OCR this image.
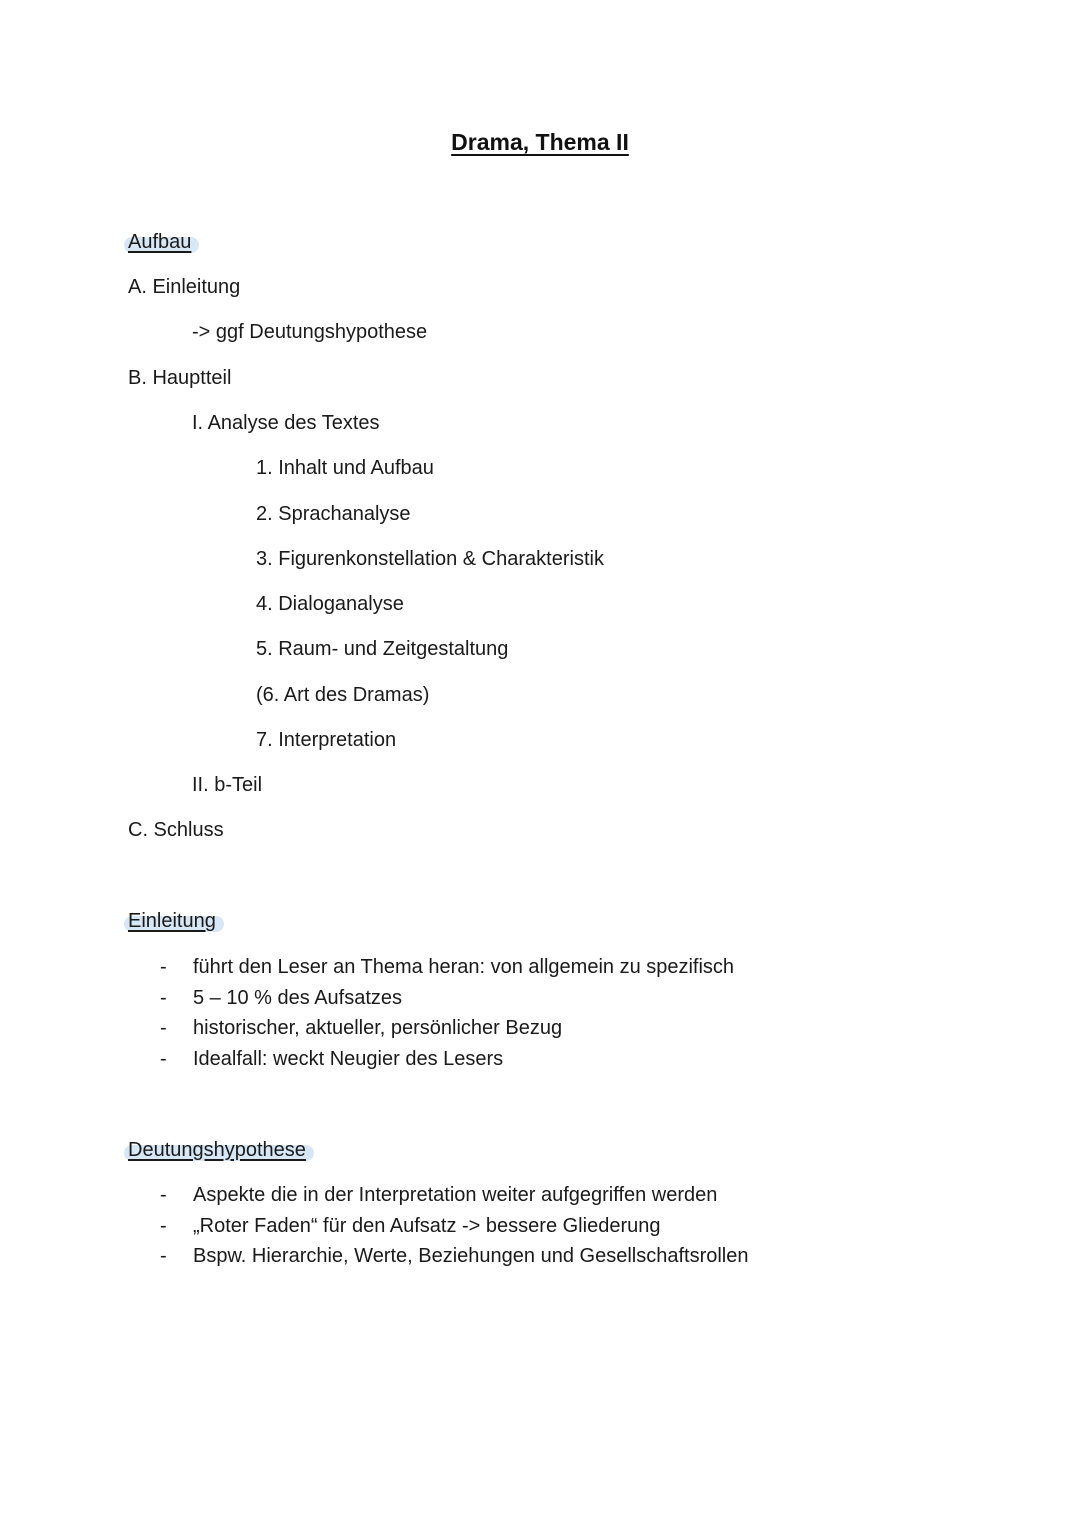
Drama, Thema II
Aufbau
A. Einleitung
-> ggf Deutungshypothese
B. Hauptteil
I. Analyse des Textes
1. Inhalt und Aufbau
2. Sprachanalyse
3. Figurenkonstellation & Charakteristik
4. Dialoganalyse
5. Raum- und Zeitgestaltung
(6. Art des Dramas)
7. Interpretation
II. b-Teil
C. Schluss
Einleitung
- führt den Leser an Thema heran: von allgemein zu spezifisch
- 5 – 10 % des Aufsatzes
- historischer, aktueller, persönlicher Bezug
- Idealfall: weckt Neugier des Lesers
Deutungshypothese
- Aspekte die in der Interpretation weiter aufgegriffen werden
- „Roter Faden“ für den Aufsatz -> bessere Gliederung
- Bspw. Hierarchie, Werte, Beziehungen und Gesellschaftsrollen
